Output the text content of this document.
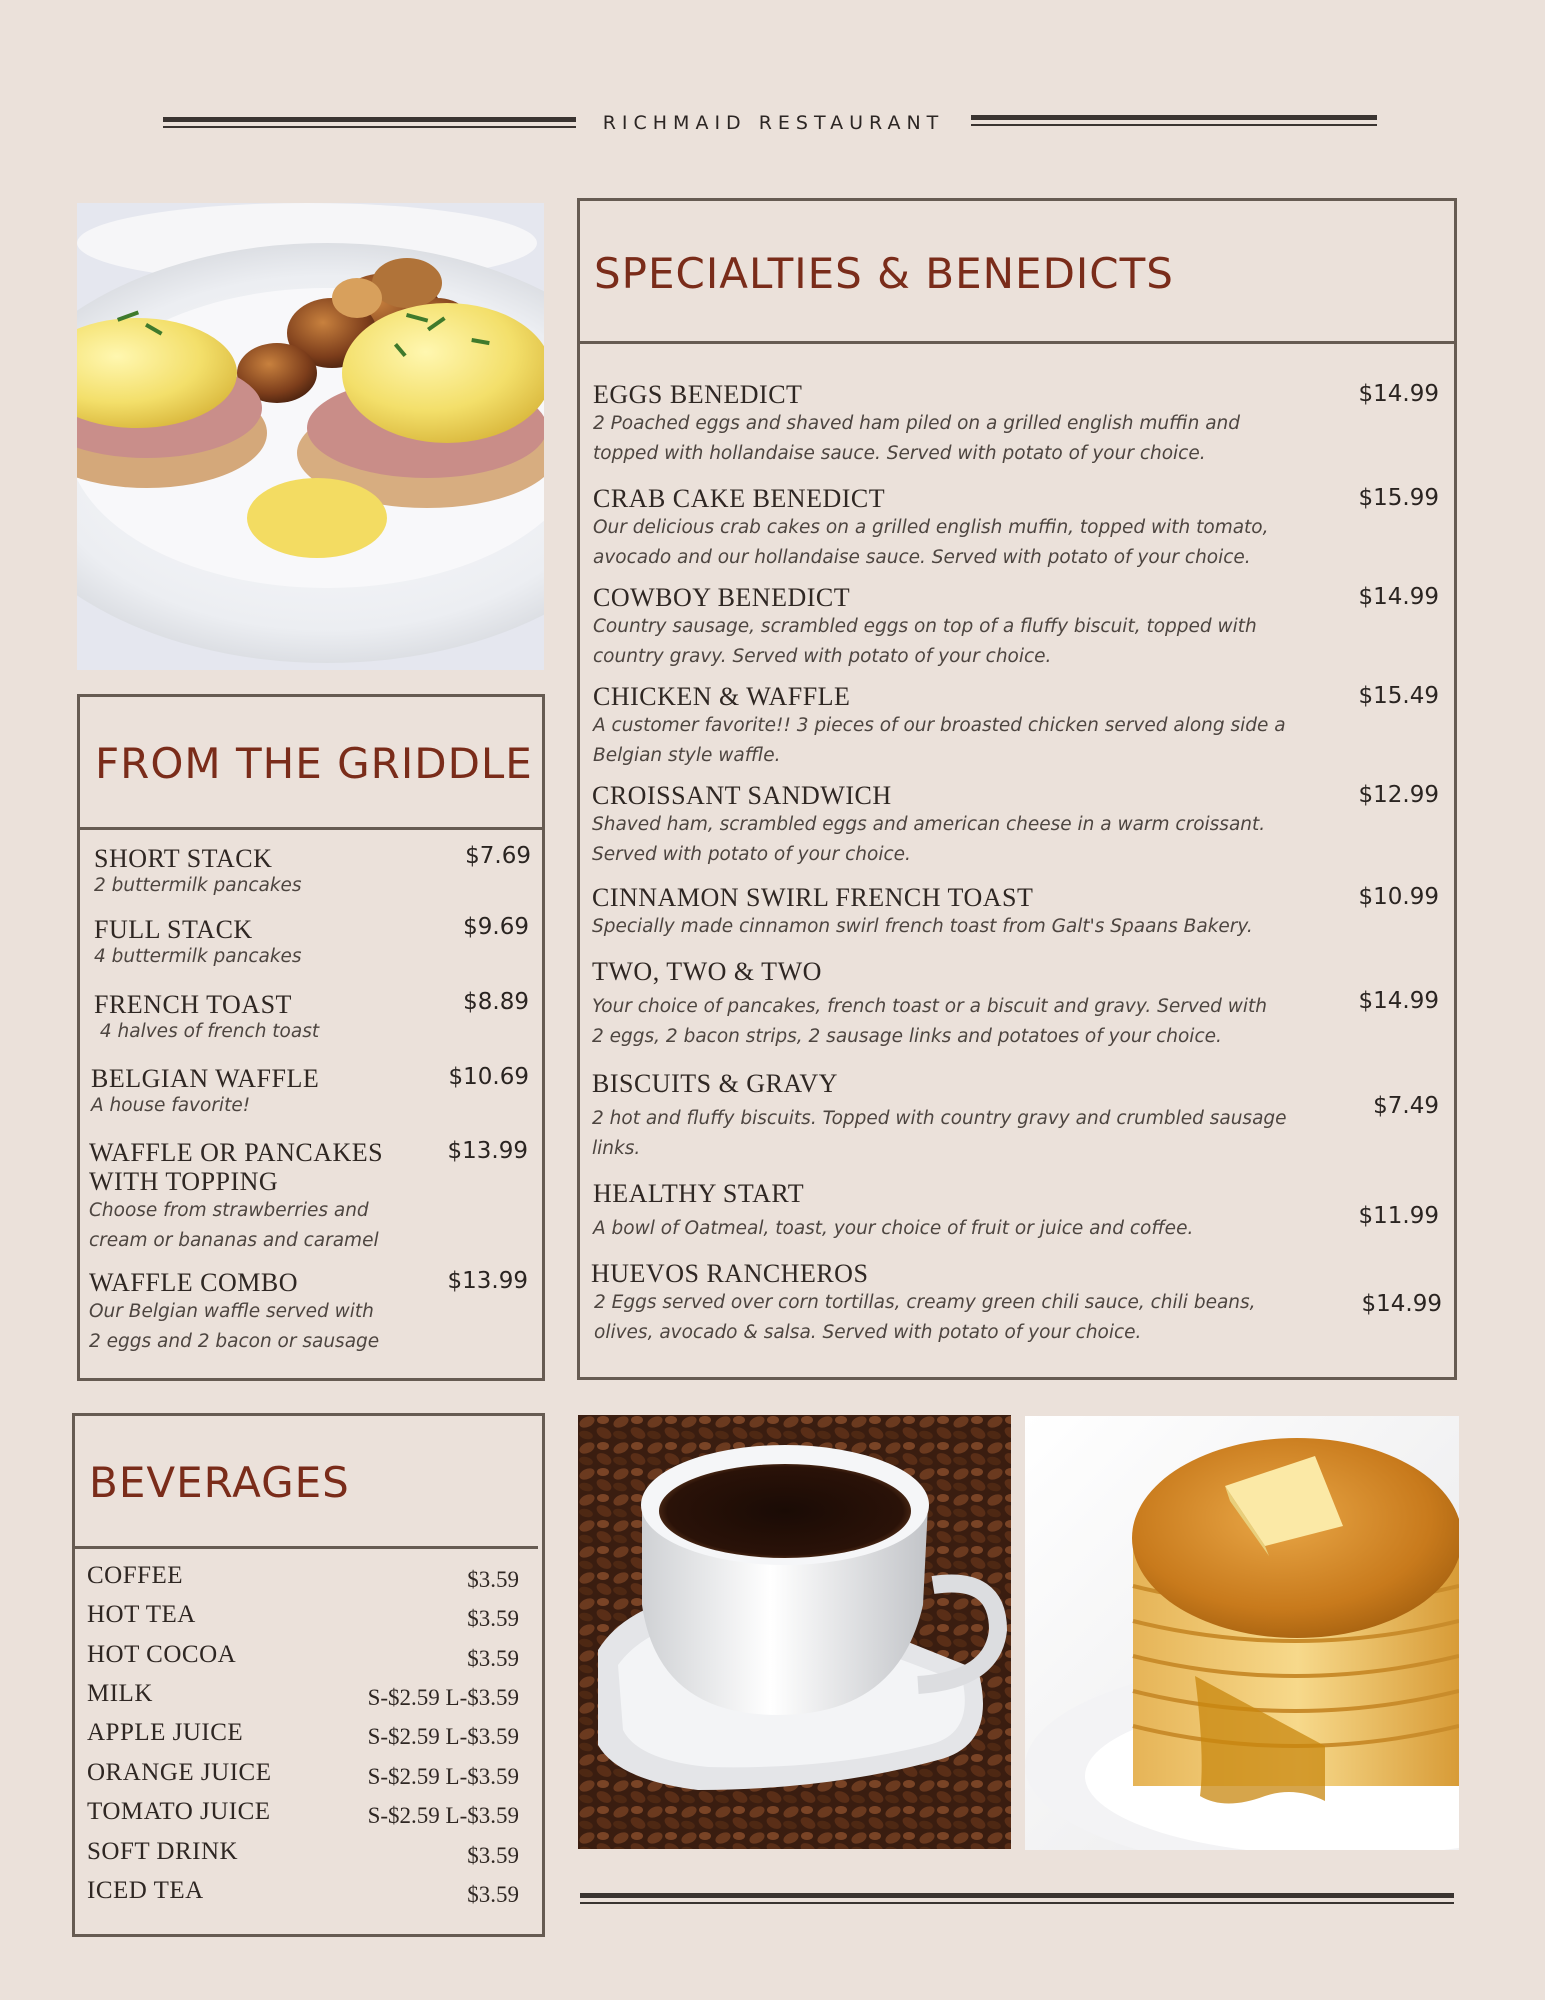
RICHMAID RESTAURANT
SPECIALTIES & BENEDICTS
EGGS BENEDICT
2 Poached eggs and shaved ham piled on a grilled english muffin and
topped with hollandaise sauce. Served with potato of your choice.
$14.99
CRAB CAKE BENEDICT
Our delicious crab cakes on a grilled english muffin, topped with tomato,
avocado and our hollandaise sauce. Served with potato of your choice.
$15.99
COWBOY BENEDICT
Country sausage, scrambled eggs on top of a fluffy biscuit, topped with
country gravy. Served with potato of your choice.
$14.99
CHICKEN & WAFFLE
A customer favorite!! 3 pieces of our broasted chicken served along side a
Belgian style waffle.
$15.49
CROISSANT SANDWICH
Shaved ham, scrambled eggs and american cheese in a warm croissant.
Served with potato of your choice.
$12.99
CINNAMON SWIRL FRENCH TOAST
Specially made cinnamon swirl french toast from Galt's Spaans Bakery.
$10.99
TWO, TWO & TWO
Your choice of pancakes, french toast or a biscuit and gravy. Served with
2 eggs, 2 bacon strips, 2 sausage links and potatoes of your choice.
$14.99
BISCUITS & GRAVY
2 hot and fluffy biscuits. Topped with country gravy and crumbled sausage
links.
$7.49
HEALTHY START
A bowl of Oatmeal, toast, your choice of fruit or juice and coffee.	$11.99
HUEVOS RANCHEROS
2 Eggs served over corn tortillas, creamy green chili sauce, chili beans,
olives, avocado & salsa. Served with potato of your choice.
$14.99
FROM THE GRIDDLE
SHORT STACK
2 buttermilk pancakes
$7.69
FULL STACK
4 buttermilk pancakes
$9.69
FRENCH TOAST
4 halves of french toast
$8.89
BELGIAN WAFFLE
A house favorite!
$10.69
WAFFLE OR PANCAKES
WITH TOPPING
Choose from strawberries and
cream or bananas and caramel
$13.99
WAFFLE COMBO
Our Belgian waffle served with
2 eggs and 2 bacon or sausage
$13.99
BEVERAGES
COFFEE	$3.59
HOT TEA	$3.59
HOT COCOA	$3.59
MILK	S-$2.59 L-$3.59
APPLE JUICE	S-$2.59 L-$3.59
ORANGE JUICE	S-$2.59 L-$3.59
TOMATO JUICE	S-$2.59 L-$3.59
SOFT DRINK	$3.59
ICED TEA	$3.59
